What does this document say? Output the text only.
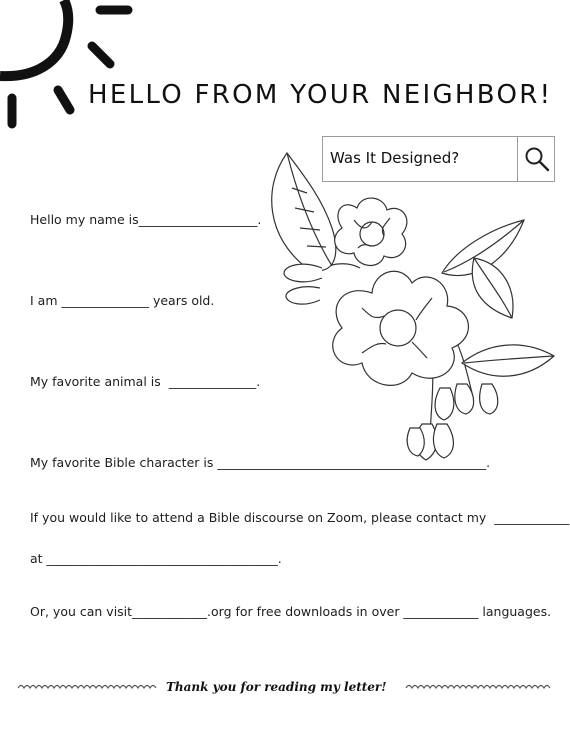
HELLO FROM YOUR NEIGHBOR!
Was It Designed?

Hello my name is___________________.

I am ______________ years old.

My favorite animal is  ______________.

My favorite Bible character is ___________________________________________.

If you would like to attend a Bible discourse on Zoom, please contact my  ____________

at _____________________________________.

Or, you can visit____________.org for free downloads in over ____________ languages.

Thank you for reading my letter!
